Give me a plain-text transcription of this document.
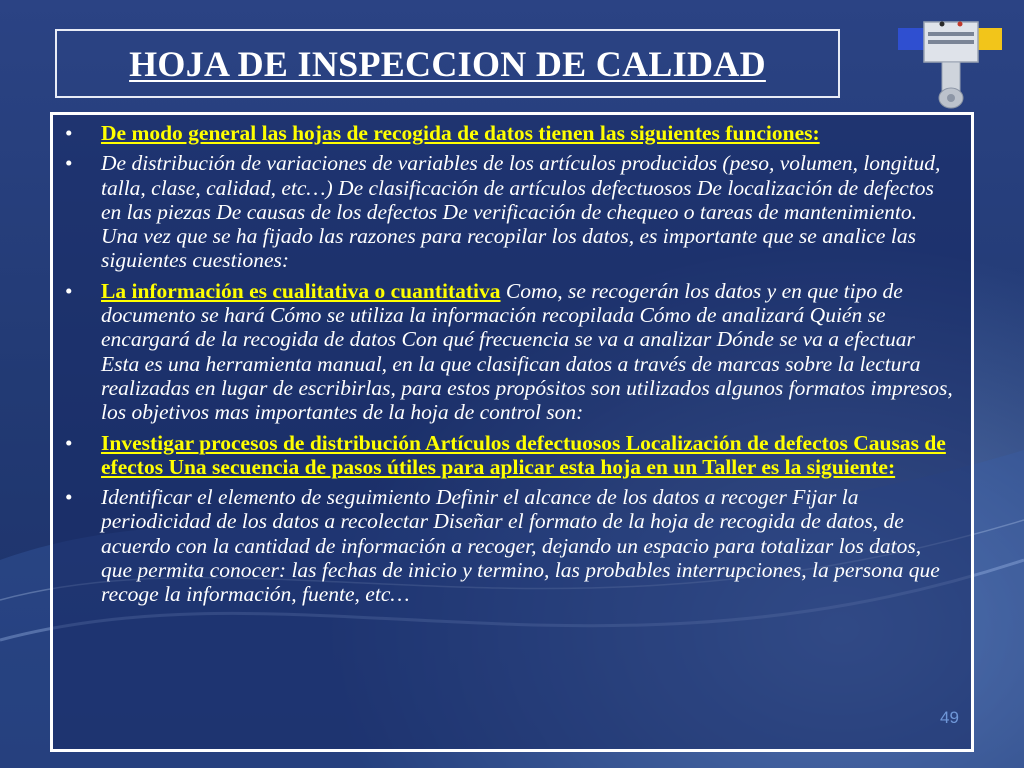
HOJA DE INSPECCION DE CALIDAD
• De modo general las hojas de recogida de datos tienen las siguientes funciones:
• De distribución de variaciones de variables de los artículos producidos (peso, volumen, longitud, talla, clase, calidad, etc…) De clasificación de artículos defectuosos De localización de defectos en las piezas De causas de los defectos De verificación de chequeo o tareas de mantenimiento. Una vez que se ha fijado las razones para recopilar los datos, es importante que se analice las siguientes cuestiones:
• La información es cualitativa o cuantitativa Como, se recogerán los datos y en que tipo de documento se hará Cómo se utiliza la información recopilada Cómo de analizará Quién se encargará de la recogida de datos Con qué frecuencia se va a analizar Dónde se va a efectuar Esta es una herramienta manual, en la que clasifican datos a través de marcas sobre la lectura realizadas en lugar de escribirlas, para estos propósitos son utilizados algunos formatos impresos, los objetivos mas importantes de la hoja de control son:
• Investigar procesos de distribución Artículos defectuosos Localización de defectos Causas de efectos Una secuencia de pasos útiles para aplicar esta hoja en un Taller es la siguiente:
• Identificar el elemento de seguimiento Definir el alcance de los datos a recoger Fijar la periodicidad de los datos a recolectar Diseñar el formato de la hoja de recogida de datos, de acuerdo con la cantidad de información a recoger, dejando un espacio para totalizar los datos, que permita conocer: las fechas de inicio y termino, las probables interrupciones, la persona que recoge la información, fuente, etc…
49
